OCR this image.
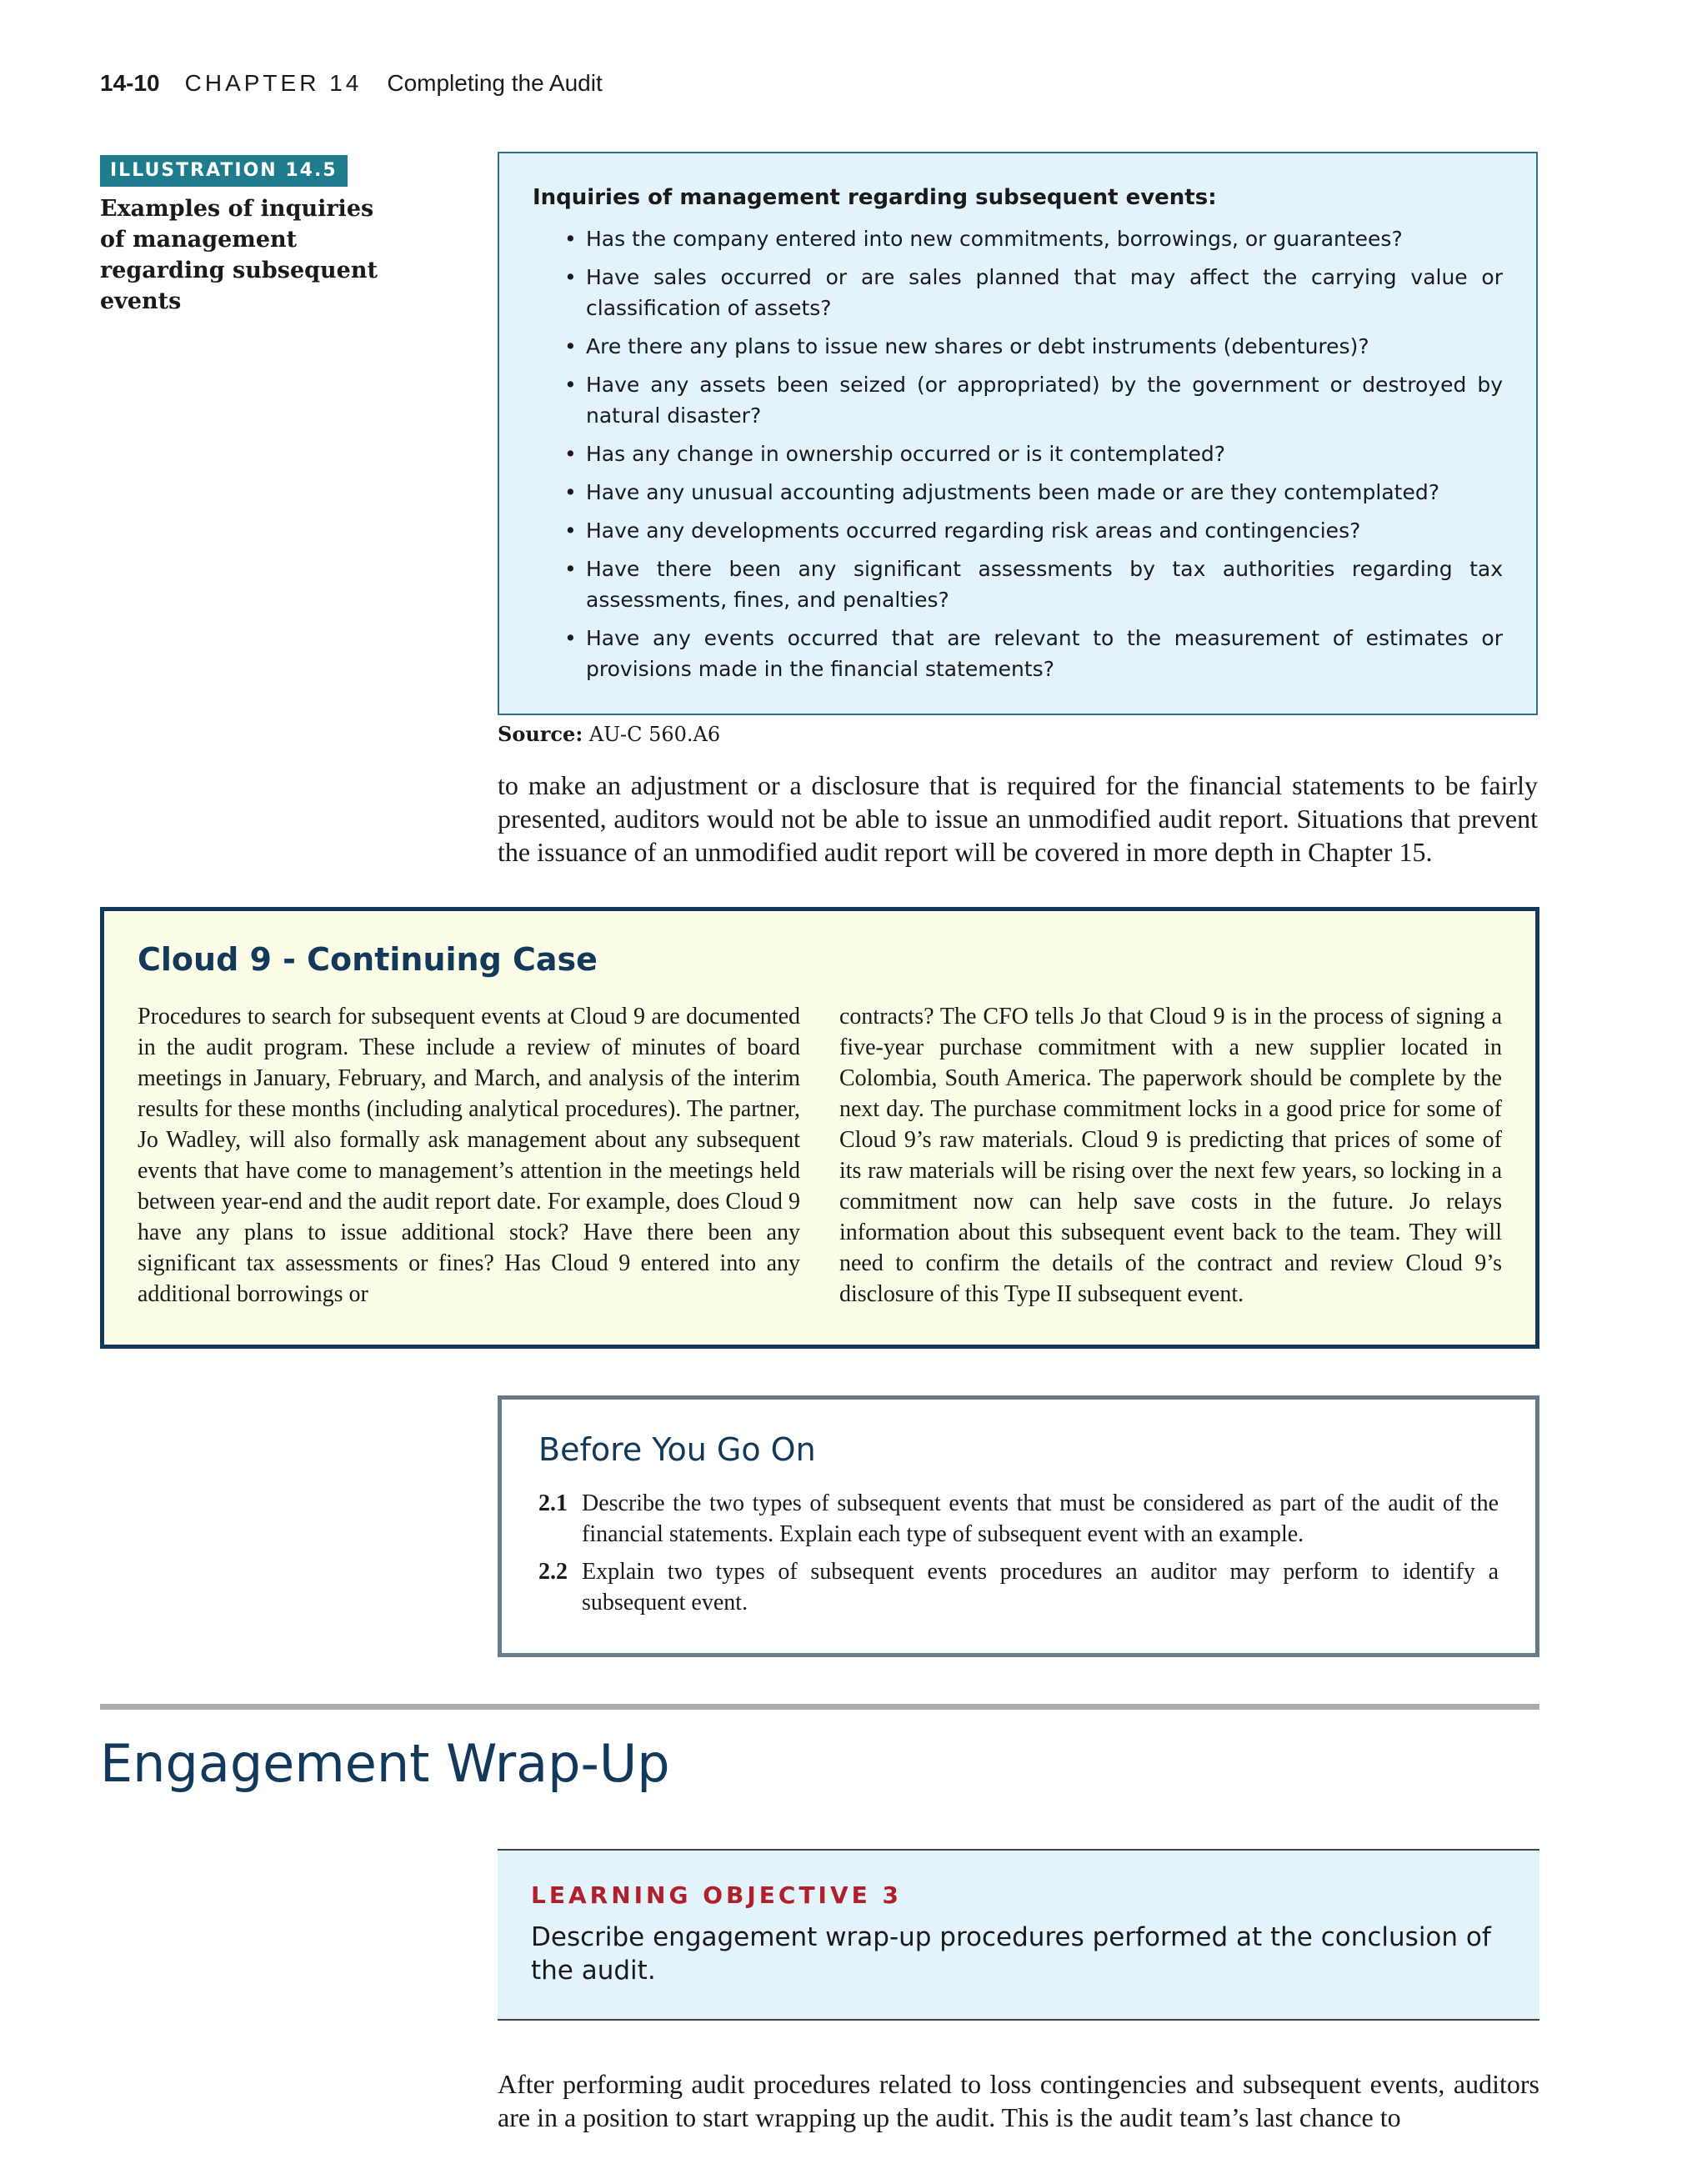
14-10 CHAPTER 14 Completing the Audit
ILLUSTRATION 14.5
Examples of inquiries of management regarding subsequent events
Inquiries of management regarding subsequent events:
• Has the company entered into new commitments, borrowings, or guarantees?
• Have sales occurred or are sales planned that may affect the carrying value or classification of assets?
• Are there any plans to issue new shares or debt instruments (debentures)?
• Have any assets been seized (or appropriated) by the government or destroyed by natural disaster?
• Has any change in ownership occurred or is it contemplated?
• Have any unusual accounting adjustments been made or are they contemplated?
• Have any developments occurred regarding risk areas and contingencies?
• Have there been any significant assessments by tax authorities regarding tax assessments, fines, and penalties?
• Have any events occurred that are relevant to the measurement of estimates or provisions made in the financial statements?
Source: AU-C 560.A6
to make an adjustment or a disclosure that is required for the financial statements to be fairly presented, auditors would not be able to issue an unmodified audit report. Situations that prevent the issuance of an unmodified audit report will be covered in more depth in Chapter 15.
Cloud 9 - Continuing Case
Procedures to search for subsequent events at Cloud 9 are documented in the audit program. These include a review of minutes of board meetings in January, February, and March, and analysis of the interim results for these months (including analytical procedures). The partner, Jo Wadley, will also formally ask management about any subsequent events that have come to management’s attention in the meetings held between year-end and the audit report date. For example, does Cloud 9 have any plans to issue additional stock? Have there been any significant tax assessments or fines? Has Cloud 9 entered into any additional borrowings or
contracts? The CFO tells Jo that Cloud 9 is in the process of signing a five-year purchase commitment with a new supplier located in Colombia, South America. The paperwork should be complete by the next day. The purchase commitment locks in a good price for some of Cloud 9’s raw materials. Cloud 9 is predicting that prices of some of its raw materials will be rising over the next few years, so locking in a commitment now can help save costs in the future. Jo relays information about this subsequent event back to the team. They will need to confirm the details of the contract and review Cloud 9’s disclosure of this Type II subsequent event.
Before You Go On
2.1 Describe the two types of subsequent events that must be considered as part of the audit of the financial statements. Explain each type of subsequent event with an example.
2.2 Explain two types of subsequent events procedures an auditor may perform to identify a subsequent event.
Engagement Wrap-Up
LEARNING OBJECTIVE 3
Describe engagement wrap-up procedures performed at the conclusion of the audit.
After performing audit procedures related to loss contingencies and subsequent events, auditors are in a position to start wrapping up the audit. This is the audit team’s last chance to
